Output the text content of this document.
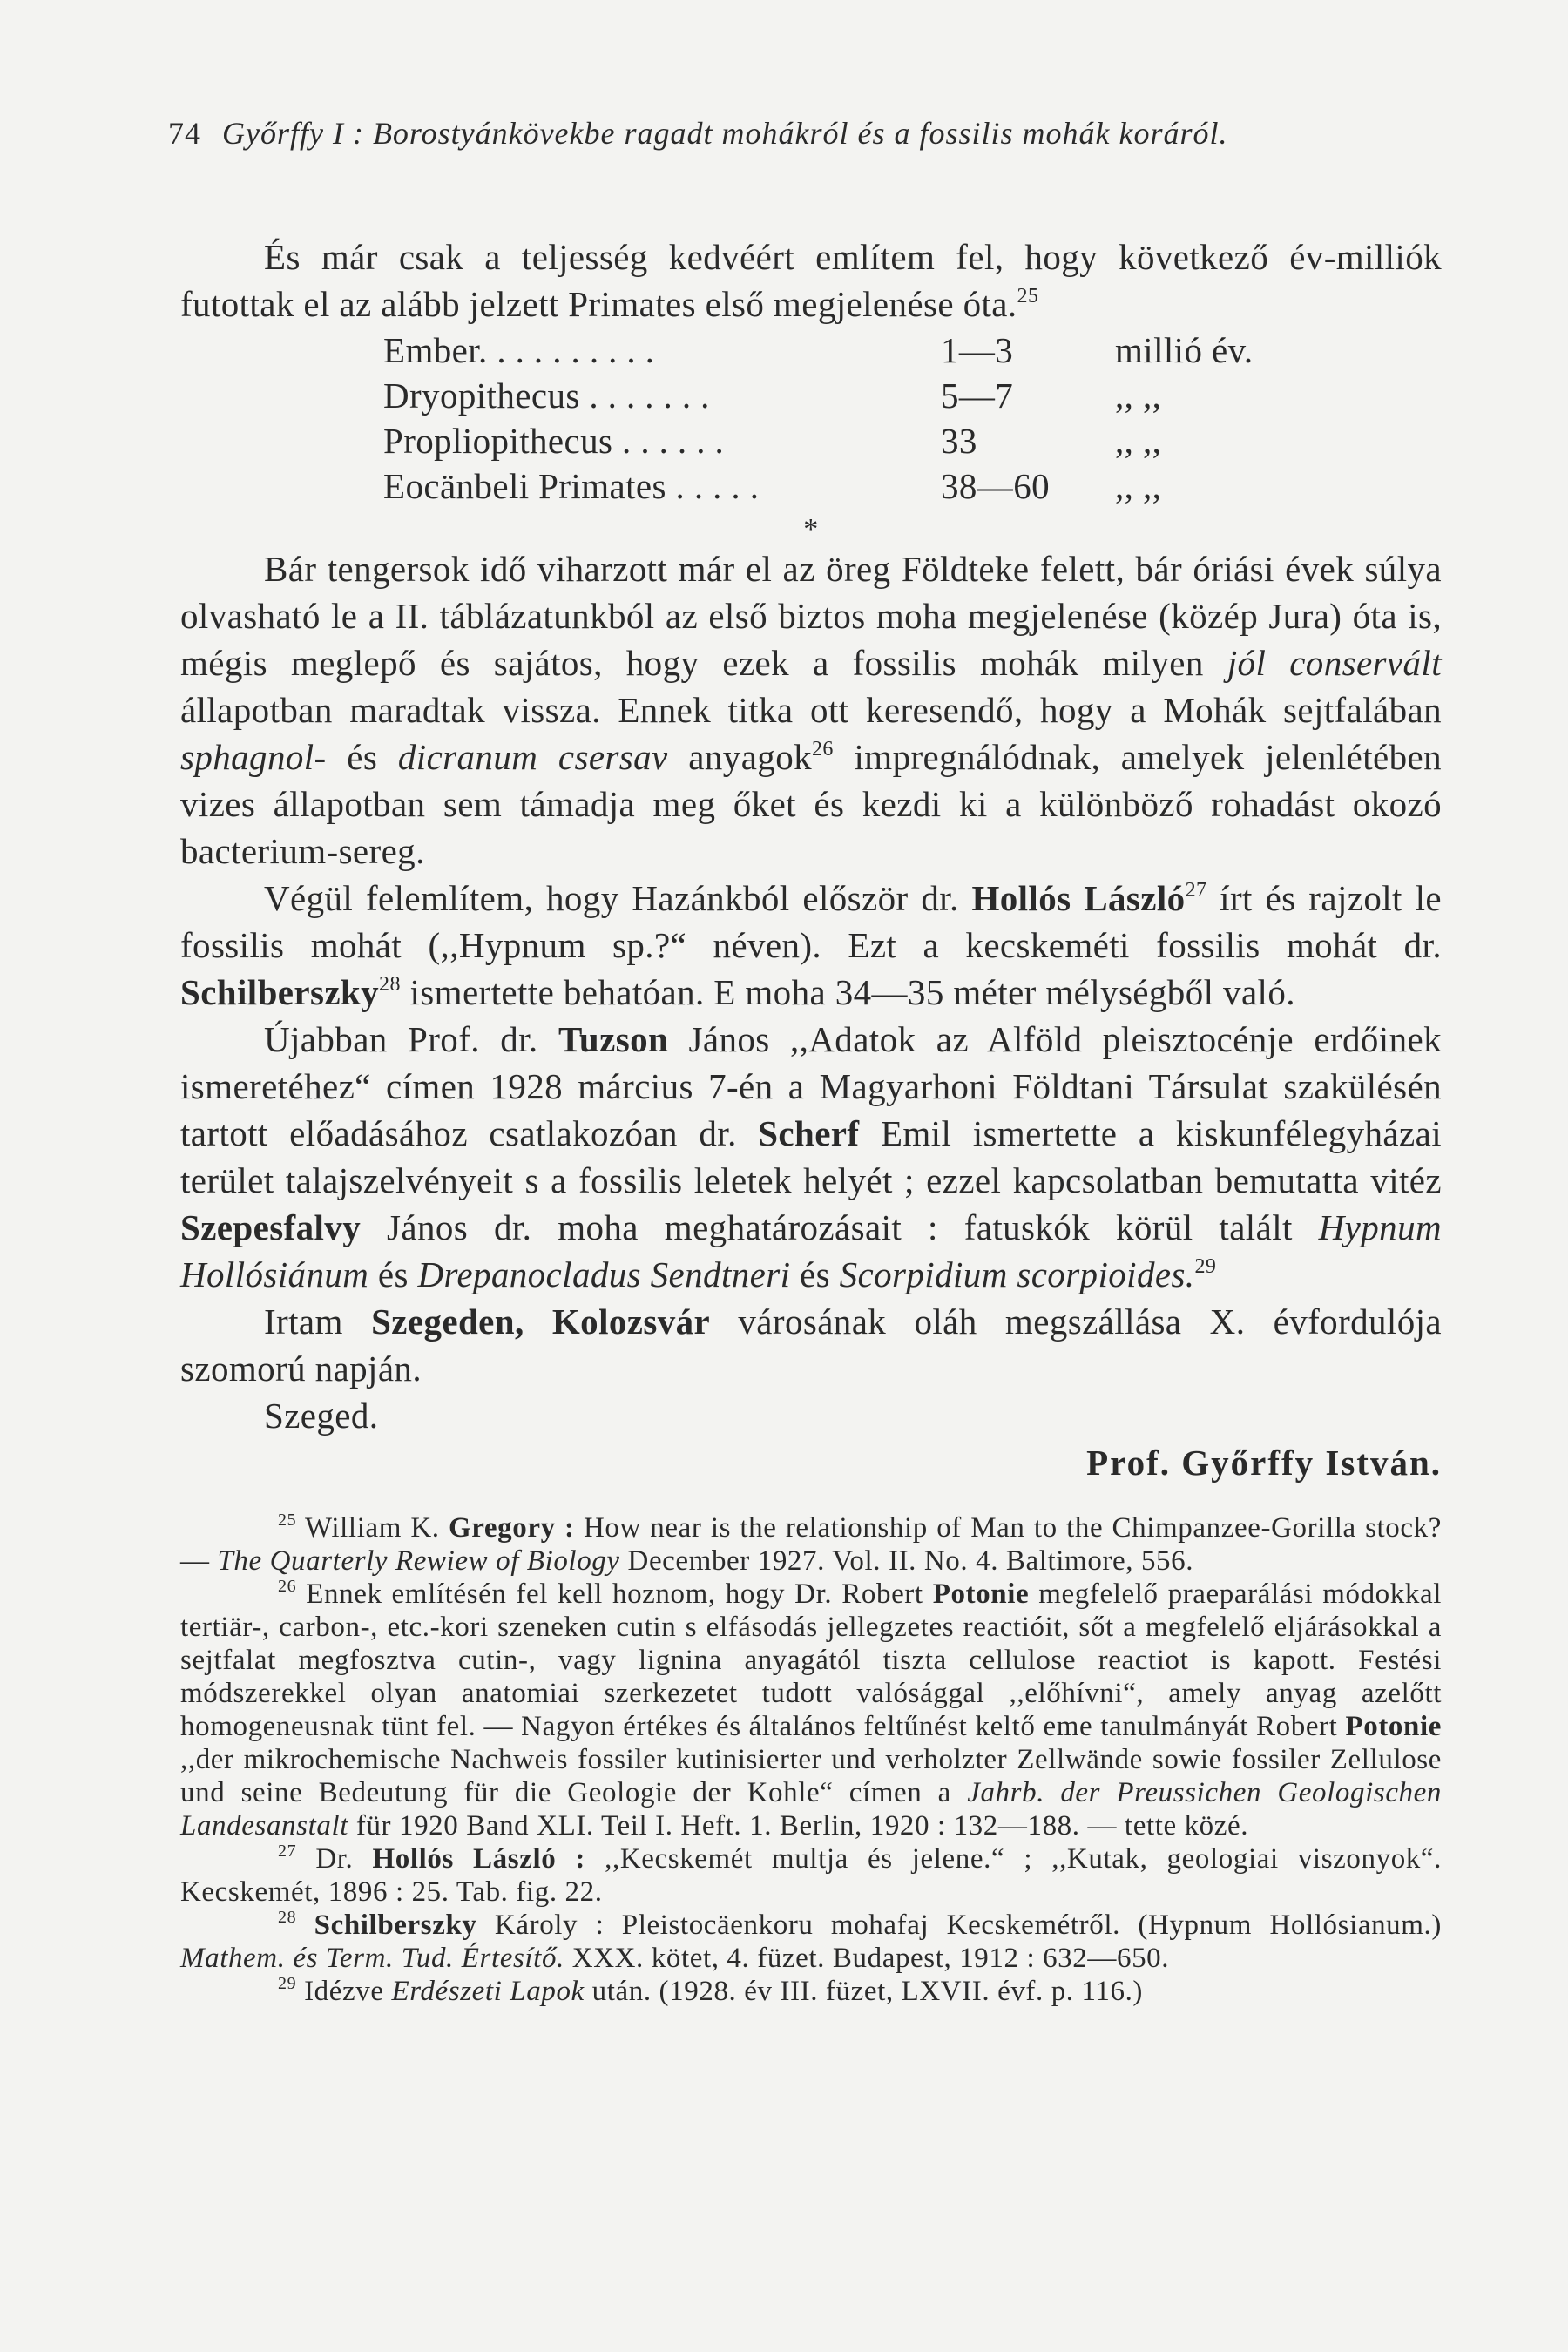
74 Győrffy I : Borostyánkövekbe ragadt mohákról és a fossilis mohák koráról.

És már csak a teljesség kedvéért említem fel, hogy következő év-milliók futottak el az alább jelzett Primates első megjelenése óta.$^{25}$

Ember. . . . . . . . . .	1—3	millió év.
Dryopithecus . . . . . . .	5—7	,, ,,
Propliopithecus . . . . . .	33	,, ,,
Eocänbeli Primates . . . . .	38—60	,, ,,
*

Bár tengersok idő viharzott már el az öreg Földteke felett, bár óriási évek súlya olvasható le a II. táblázatunkból az első biztos moha megjelenése (közép Jura) óta is, mégis meglepő és sajátos, hogy ezek a fossilis mohák milyen jól conservált állapotban maradtak vissza. Ennek titka ott keresendő, hogy a Mohák sejtfalában sphagnol- és dicranum csersav anyagok$^{26}$ impregnálódnak, amelyek jelenlétében vizes állapotban sem támadja meg őket és kezdi ki a különböző rohadást okozó bacterium-sereg.

Végül felemlítem, hogy Hazánkból először dr. Hollós László$^{27}$ írt és rajzolt le fossilis mohát (,,Hypnum sp.?“ néven). Ezt a kecskeméti fossilis mohát dr. Schilberszky$^{28}$ ismertette behatóan. E moha 34—35 méter mélységből való.

Újabban Prof. dr. Tuzson János ,,Adatok az Alföld pleisztocénje erdőinek ismeretéhez“ címen 1928 március 7-én a Magyarhoni Földtani Társulat szakülésén tartott előadásához csatlakozóan dr. Scherf Emil ismertette a kiskunfélegyházai terület talajszelvényeit s a fossilis leletek helyét ; ezzel kapcsolatban bemutatta vitéz Szepesfalvy János dr. moha meghatározásait : fatuskók körül talált Hypnum Hollósiánum és Drepanocladus Sendtneri és Scorpidium scorpioides.$^{29}$

Irtam Szegeden, Kolozsvár városának oláh megszállása X. évfordulója szomorú napján.

Szeged.

Prof. Győrffy István.

$^{25}$ William K. Gregory : How near is the relationship of Man to the Chimpanzee-Gorilla stock? — The Quarterly Rewiew of Biology December 1927. Vol. II. No. 4. Baltimore, 556.

$^{26}$ Ennek említésén fel kell hoznom, hogy Dr. Robert Potonie megfelelő praeparálási módokkal tertiär-, carbon-, etc.-kori szeneken cutin s elfásodás jellegzetes reactióit, sőt a megfelelő eljárásokkal a sejtfalat megfosztva cutin-, vagy lignina anyagától tiszta cellulose reactiot is kapott. Festési módszerekkel olyan anatomiai szerkezetet tudott valósággal ,,előhívni“, amely anyag azelőtt homogeneusnak tünt fel. — Nagyon értékes és általános feltűnést keltő eme tanulmányát Robert Potonie ,,der mikrochemische Nachweis fossiler kutinisierter und verholzter Zellwände sowie fossiler Zellulose und seine Bedeutung für die Geologie der Kohle“ címen a Jahrb. der Preussichen Geologischen Landesanstalt für 1920 Band XLI. Teil I. Heft. 1. Berlin, 1920 : 132—188. — tette közé.

$^{27}$ Dr. Hollós László : ,,Kecskemét multja és jelene.“ ; ,,Kutak, geologiai viszonyok“. Kecskemét, 1896 : 25. Tab. fig. 22.

$^{28}$ Schilberszky Károly : Pleistocäenkoru mohafaj Kecskemétről. (Hypnum Hollósianum.) Mathem. és Term. Tud. Értesítő. XXX. kötet, 4. füzet. Budapest, 1912 : 632—650.

$^{29}$ Idézve Erdészeti Lapok után. (1928. év III. füzet, LXVII. évf. p. 116.)
